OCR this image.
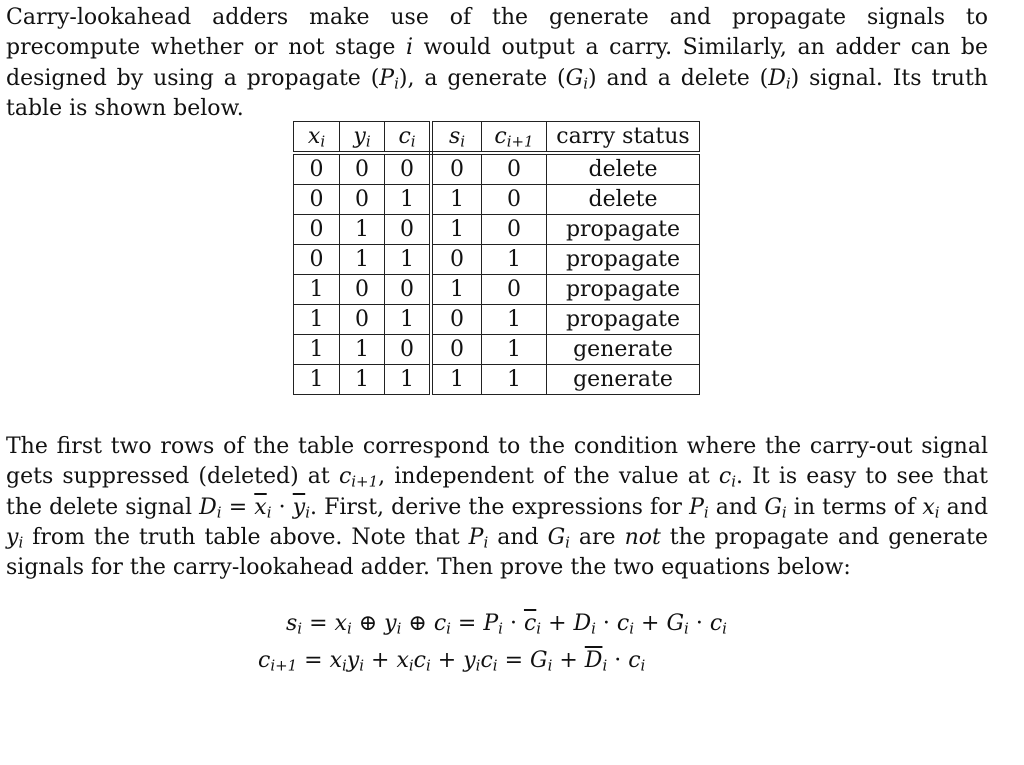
Carry-lookahead adders make use of the generate and propagate signals to precompute whether or not stage i would output a carry. Similarly, an adder can be designed by using a propagate $(P_i)$, a generate $(G_i)$ and a delete $(D_i)$ signal. Its truth table is shown below.

$x_i$	$y_i$	$c_i$	$s_i$	$c_{i+1}$	carry status
0	0	0	0	0	delete
0	0	1	1	0	delete
0	1	0	1	0	propagate
0	1	1	0	1	propagate
1	0	0	1	0	propagate
1	0	1	0	1	propagate
1	1	0	0	1	generate
1	1	1	1	1	generate

The first two rows of the table correspond to the condition where the carry-out signal gets suppressed (deleted) at $c_{i+1}$, independent of the value at $c_i$. It is easy to see that the delete signal $D_i = \overline{x}_i \cdot \overline{y}_i$. First, derive the expressions for $P_i$ and $G_i$ in terms of $x_i$ and $y_i$ from the truth table above. Note that $P_i$ and $G_i$ are not the propagate and generate signals for the carry-lookahead adder. Then prove the two equations below:

$s_i = x_i$ ⊕ $y_i$ ⊕ $c_i = P_i \cdot \overline{c}_i + D_i \cdot c_i + G_i \cdot c_i$
$c_{i+1} = x_iy_i + x_ic_i + y_ic_i = G_i + \overline{D}_i \cdot c_i$
